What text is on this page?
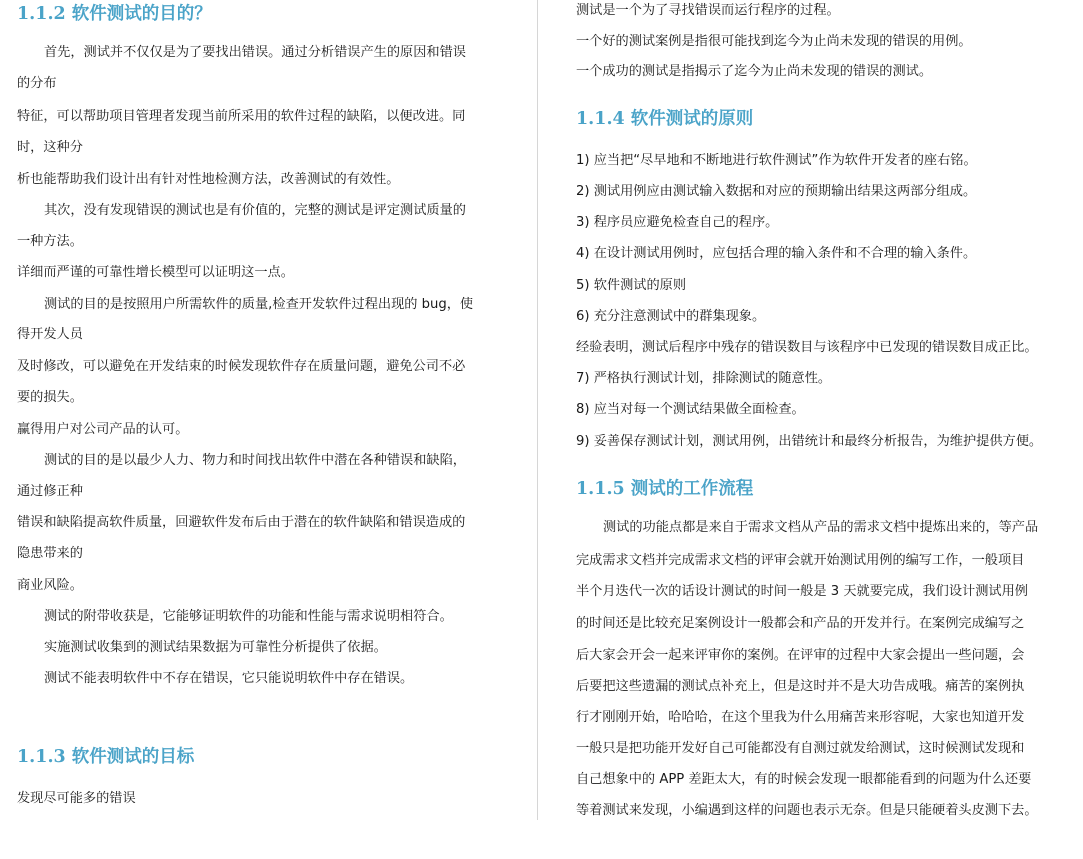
1.1.2 软件测试的目的？
首先，测试并不仅仅是为了要找出错误。通过分析错误产生的原因和错误
的分布
特征，可以帮助项目管理者发现当前所采用的软件过程的缺陷，以便改进。同
时，这种分
析也能帮助我们设计出有针对性地检测方法，改善测试的有效性。
其次，没有发现错误的测试也是有价值的，完整的测试是评定测试质量的
一种方法。
详细而严谨的可靠性增长模型可以证明这一点。
测试的目的是按照用户所需软件的质量,检查开发软件过程出现的 bug，使
得开发人员
及时修改，可以避免在开发结束的时候发现软件存在质量问题，避免公司不必
要的损失。
赢得用户对公司产品的认可。
测试的目的是以最少人力、物力和时间找出软件中潜在各种错误和缺陷，
通过修正种
错误和缺陷提高软件质量，回避软件发布后由于潜在的软件缺陷和错误造成的
隐患带来的
商业风险。
测试的附带收获是，它能够证明软件的功能和性能与需求说明相符合。
实施测试收集到的测试结果数据为可靠性分析提供了依据。
测试不能表明软件中不存在错误，它只能说明软件中存在错误。
1.1.3 软件测试的目标
发现尽可能多的错误
测试是一个为了寻找错误而运行程序的过程。
一个好的测试案例是指很可能找到迄今为止尚未发现的错误的用例。
一个成功的测试是指揭示了迄今为止尚未发现的错误的测试。
1.1.4 软件测试的原则
1) 应当把“尽早地和不断地进行软件测试”作为软件开发者的座右铭。
2) 测试用例应由测试输入数据和对应的预期输出结果这两部分组成。
3) 程序员应避免检查自己的程序。
4) 在设计测试用例时，应包括合理的输入条件和不合理的输入条件。
5) 软件测试的原则
6) 充分注意测试中的群集现象。
经验表明，测试后程序中残存的错误数目与该程序中已发现的错误数目成正比。
7) 严格执行测试计划，排除测试的随意性。
8) 应当对每一个测试结果做全面检查。
9) 妥善保存测试计划，测试用例，出错统计和最终分析报告，为维护提供方便。
1.1.5 测试的工作流程
测试的功能点都是来自于需求文档从产品的需求文档中提炼出来的，等产品
完成需求文档并完成需求文档的评审会就开始测试用例的编写工作，一般项目
半个月迭代一次的话设计测试的时间一般是 3 天就要完成，我们设计测试用例
的时间还是比较充足案例设计一般都会和产品的开发并行。在案例完成编写之
后大家会开会一起来评审你的案例。在评审的过程中大家会提出一些问题，会
后要把这些遗漏的测试点补充上，但是这时并不是大功告成哦。痛苦的案例执
行才刚刚开始，哈哈哈，在这个里我为什么用痛苦来形容呢，大家也知道开发
一般只是把功能开发好自己可能都没有自测过就发给测试，这时候测试发现和
自己想象中的 APP 差距太大，有的时候会发现一眼都能看到的问题为什么还要
等着测试来发现，小编遇到这样的问题也表示无奈。但是只能硬着头皮测下去。
